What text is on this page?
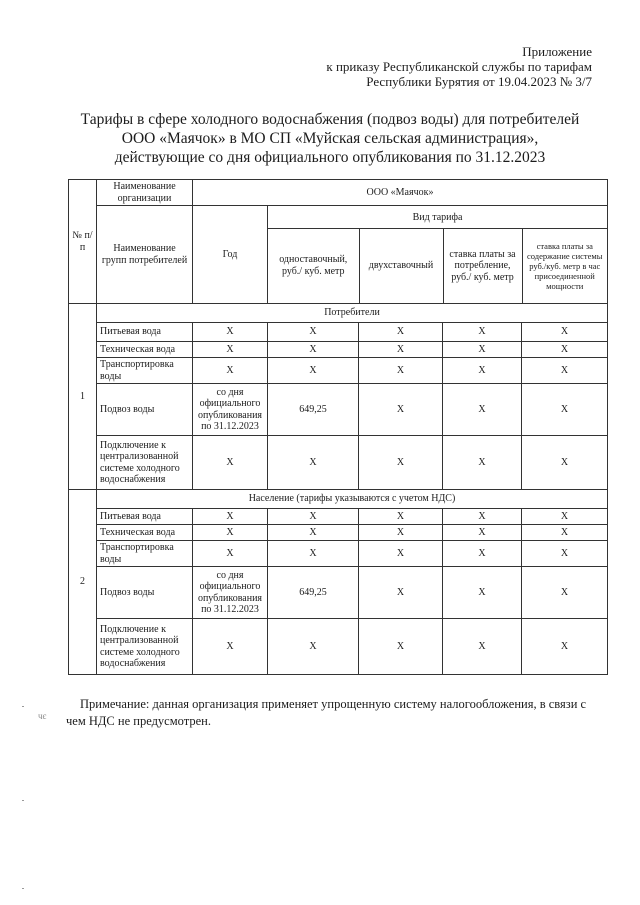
Приложение
к приказу Республиканской службы по тарифам
Республики Бурятия от 19.04.2023 № 3/7
Тарифы в сфере холодного водоснабжения (подвоз воды) для потребителей
ООО «Маячок» в МО СП «Муйская сельская администрация»,
действующие со дня официального опубликования по 31.12.2023
№ п/п	Наименование организации	ООО «Маячок»
Наименование групп потребителей	Год	
Вид тарифа
одноставочный, руб./ куб. метр	двухставочный	ставка платы за потребление, руб./ куб. метр	ставка платы за содержание системы руб./куб. метр в час присоединенной мощности

1	Потребители
Питьевая вода	X	X	X	X	X
Техническая вода	X	X	X	X	X
Транспортировка воды	X	X	X	X	X
Подвоз воды	со дня официального опубликования по 31.12.2023	649,25	X	X	X
Подключение к централизованной системе холодного водоснабжения	X	X	X	X	X
2	Население (тарифы указываются с учетом НДС)
Питьевая вода	X	X	X	X	X
Техническая вода	X	X	X	X	X
Транспортировка воды	X	X	X	X	X
Подвоз воды	со дня официального опубликования по 31.12.2023	649,25	X	X	X
Подключение к централизованной системе холодного водоснабжения	X	X	X	X	X
Примечание: данная организация применяет упрощенную систему налогообложения, в связи с чем НДС не предусмотрен.
чє
